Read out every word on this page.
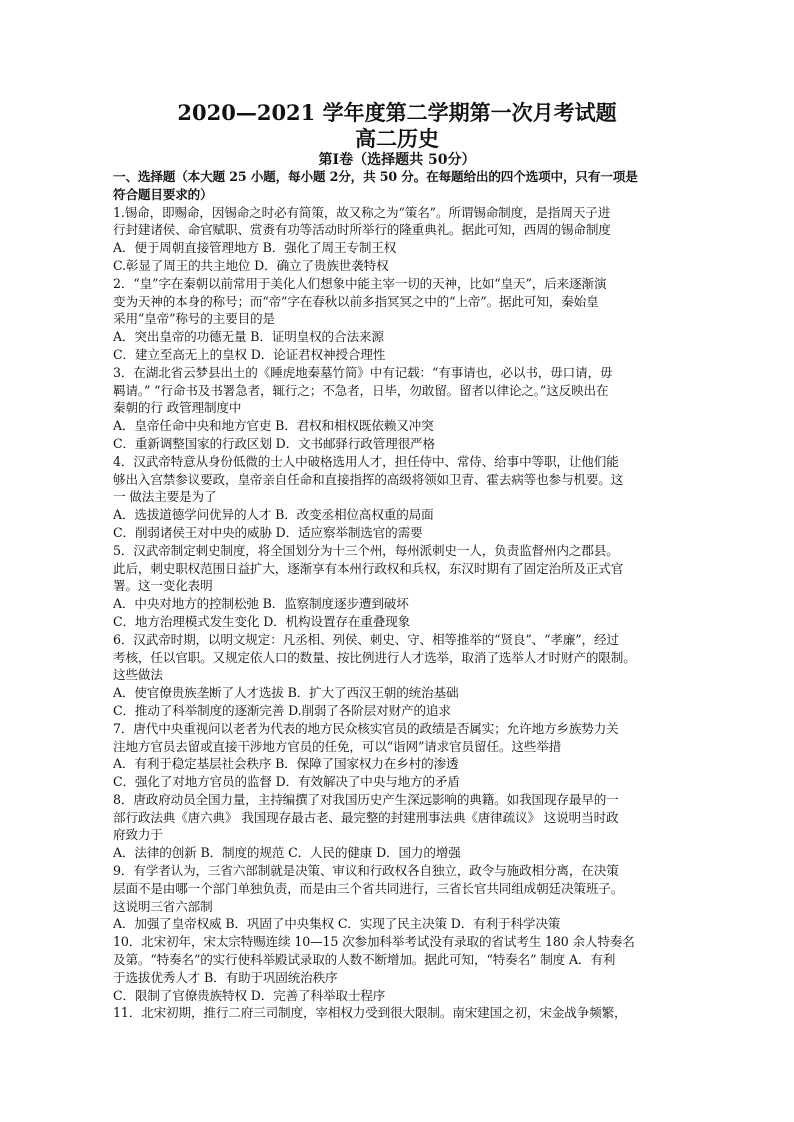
2020—2021 学年度第二学期第一次月考试题
高二历史
第Ⅰ卷（选择题共 50分）
一、选择题（本大题 25 小题，每小题 2分，共 50 分。在每题给出的四个选项中，只有一项是
符合题目要求的）
1.锡命，即赐命，因锡命之时必有简策，故又称之为“策名”。所谓锡命制度，是指周天子进
行封建诸侯、命官赋职、赏赉有功等活动时所举行的隆重典礼。据此可知，西周的锡命制度
A．便于周朝直接管理地方 B．强化了周王专制王权
C.彰显了周王的共主地位 D．确立了贵族世袭特权
2．“皇”字在秦朝以前常用于美化人们想象中能主宰一切的天神，比如“皇天”，后来逐渐演
变为天神的本身的称号；而“帝”字在春秋以前多指冥冥之中的“上帝”。据此可知，秦始皇
采用“皇帝”称号的主要目的是
A．突出皇帝的功德无量 B．证明皇权的合法来源
C．建立至高无上的皇权 D．论证君权神授合理性
3．在湖北省云梦县出土的《睡虎地秦墓竹简》中有记载：“有事请也，必以书，毋口请，毋
羁请。” “行命书及书署急者，辄行之；不急者，日毕，勿敢留。留者以律论之。”这反映出在
秦朝的行 政管理制度中
A．皇帝任命中央和地方官吏 B．君权和相权既依赖又冲突
C．重新调整国家的行政区划 D．文书邮驿行政管理很严格
4．汉武帝特意从身份低微的士人中破格选用人才，担任侍中、常侍、给事中等职，让他们能
够出入宫禁参议要政，皇帝亲自任命和直接指挥的高级将领如卫青、霍去病等也参与机要。这
一 做法主要是为了
A．选拔道德学问优异的人才 B．改变丞相位高权重的局面
C．削弱诸侯王对中央的威胁 D．适应察举制选官的需要
5．汉武帝制定刺史制度，将全国划分为十三个州，每州派刺史一人，负责监督州内之郡县。
此后，刺史职权范围日益扩大，逐渐享有本州行政权和兵权，东汉时期有了固定治所及正式官
署。这一变化表明
A．中央对地方的控制松弛 B．监察制度逐步遭到破坏
C．地方治理模式发生变化 D．机构设置存在重叠现象
6．汉武帝时期，以明文规定：凡丞相、列侯、刺史、守、相等推举的“贤良”、“孝廉”，经过
考核，任以官职。又规定依人口的数量、按比例进行人才选举，取消了选举人才时财产的限制。
这些做法
A．使官僚贵族垄断了人才选拔 B．扩大了西汉王朝的统治基础
C．推动了科举制度的逐渐完善 D.削弱了各阶层对财产的追求
7．唐代中央重视问以老者为代表的地方民众核实官员的政绩是否属实；允许地方乡族势力关
注地方官员去留或直接干涉地方官员的任免，可以“诣网”请求官员留任。这些举措
A．有利于稳定基层社会秩序 B．保障了国家权力在乡村的渗透
C．强化了对地方官员的监督 D．有效解决了中央与地方的矛盾
8．唐政府动员全国力量，主持编撰了对我国历史产生深远影响的典籍。如我国现存最早的一
部行政法典《唐六典》 我国现存最古老、最完整的封建刑事法典《唐律疏议》 这说明当时政
府致力于
A．法律的创新 B．制度的规范 C．人民的健康 D．国力的增强
9．有学者认为，三省六部制就是决策、审议和行政权各自独立，政令与施政相分离，在决策
层面不是由哪一个部门单独负责，而是由三个省共同进行，三省长官共同组成朝廷决策班子。
这说明三省六部制
A．加强了皇帝权威 B．巩固了中央集权 C．实现了民主决策 D．有利于科学决策
10．北宋初年，宋太宗特赐连续 10—15 次参加科举考试没有录取的省试考生 180 余人特奏名
及第。“特奏名”的实行使科举殿试录取的人数不断增加。据此可知，“特奏名” 制度 A．有利
于选拔优秀人才 B．有助于巩固统治秩序
C．限制了官僚贵族特权 D．完善了科举取士程序
11．北宋初期，推行二府三司制度，宰相权力受到很大限制。南宋建国之初，宋金战争频繁，
